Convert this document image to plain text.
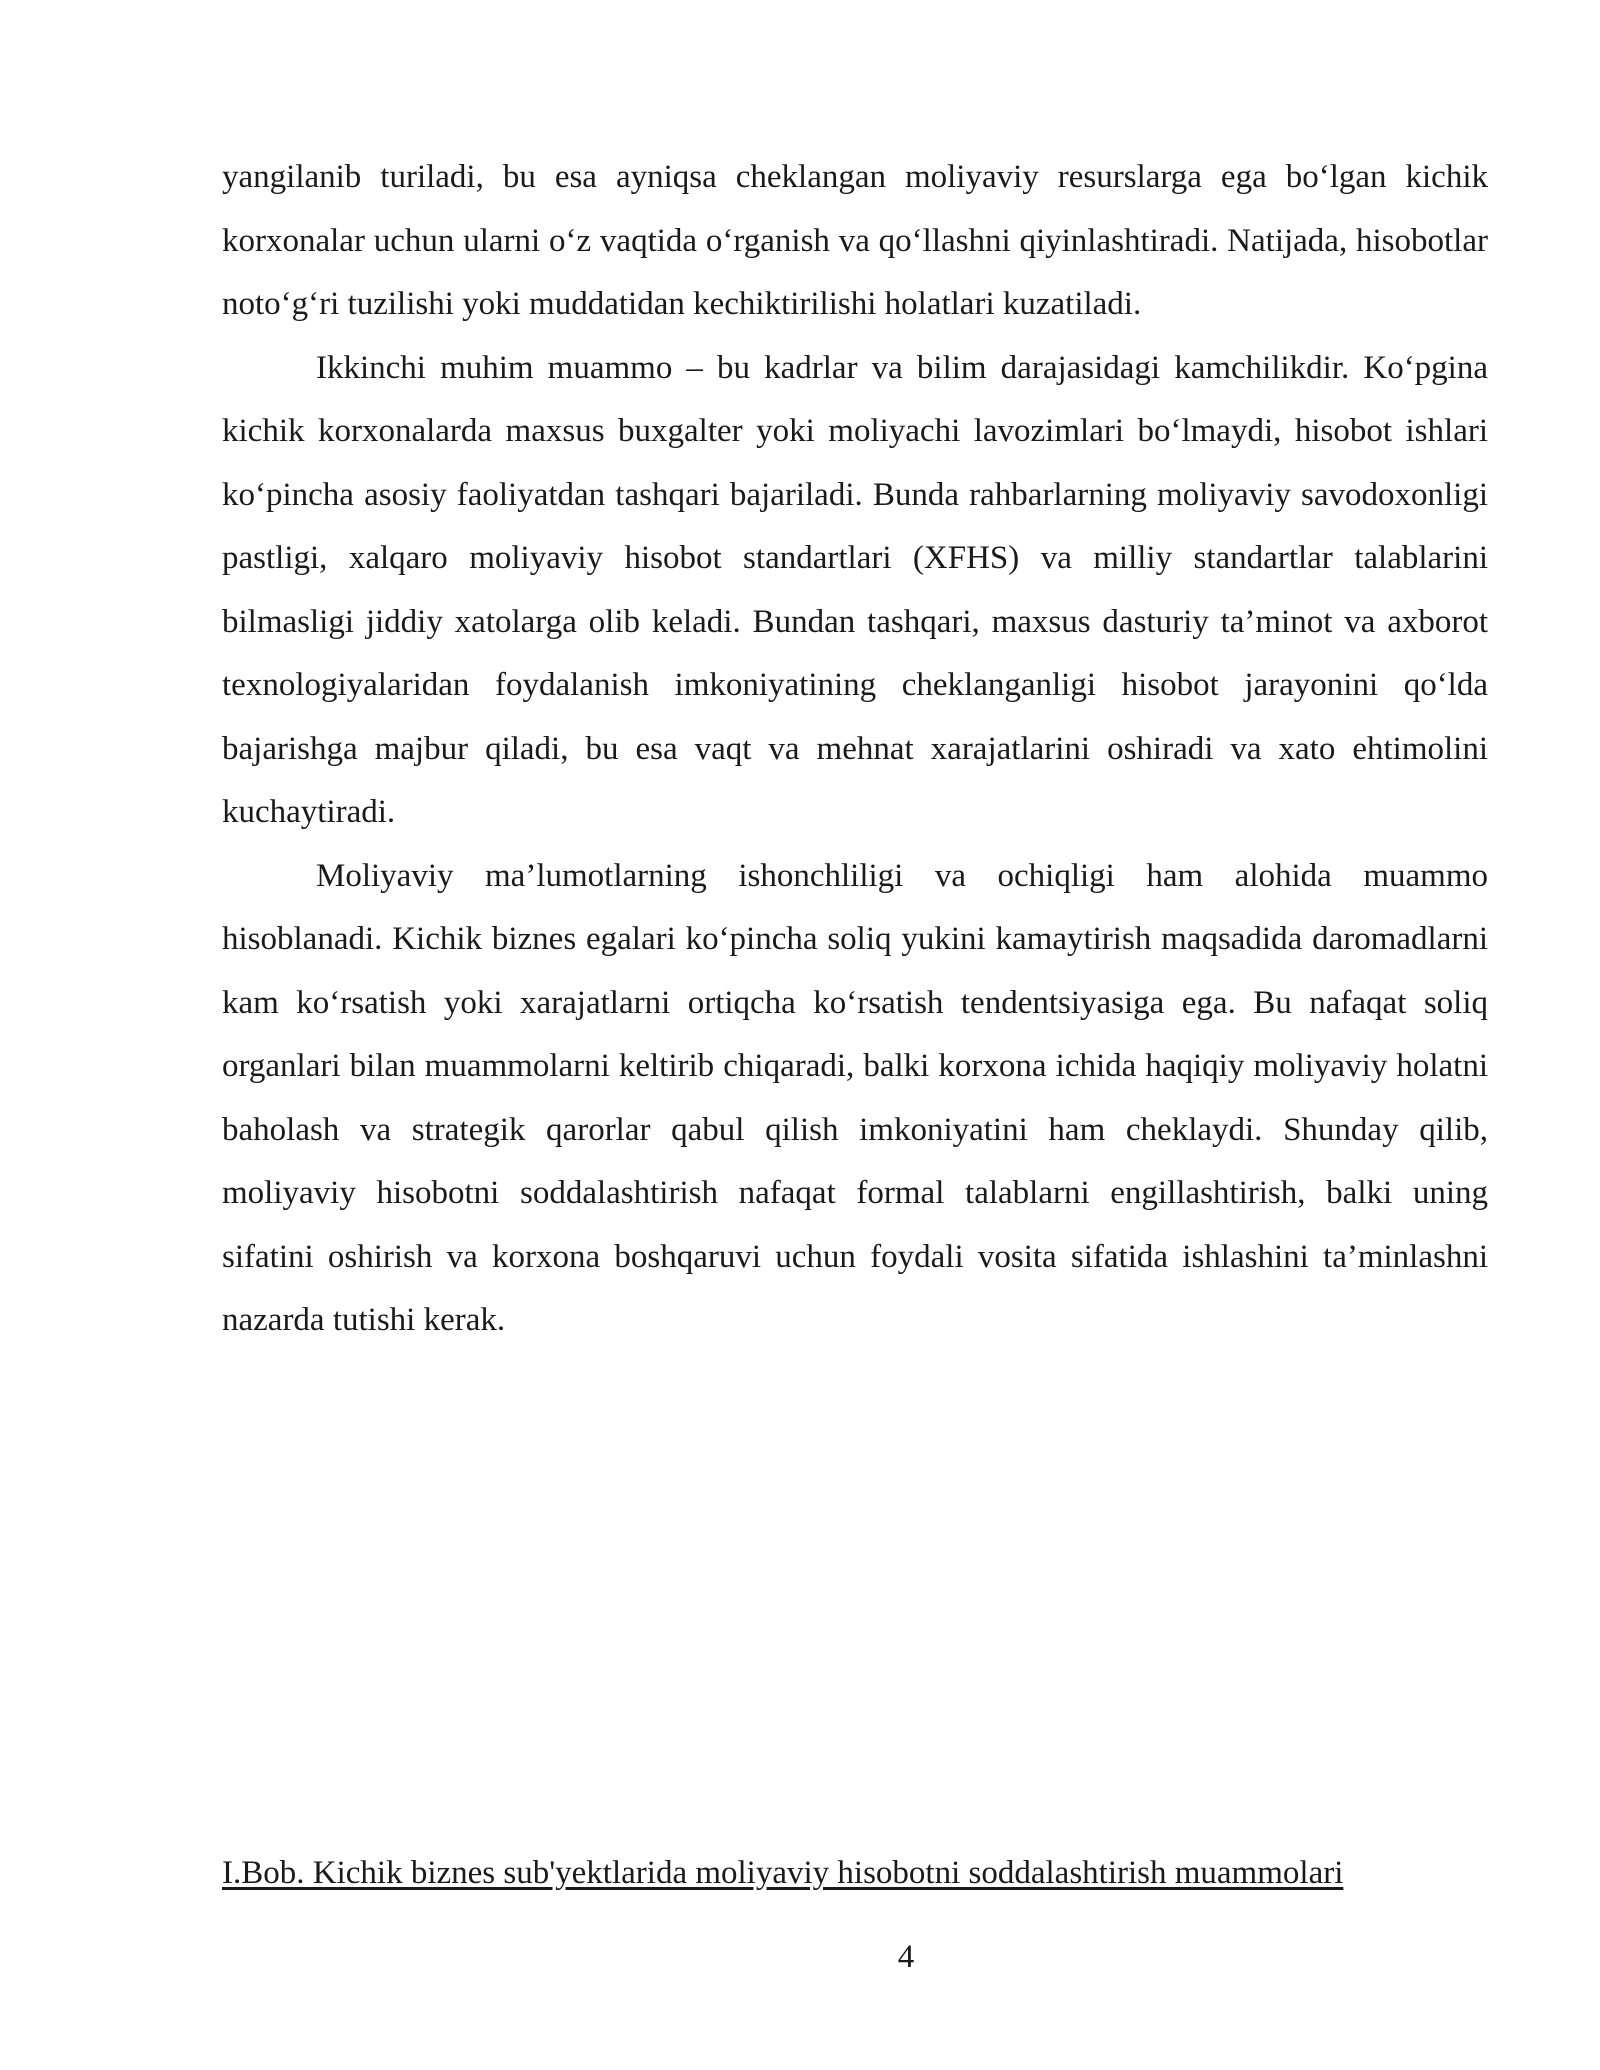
yangilanib turiladi, bu esa ayniqsa cheklangan moliyaviy resurslarga ega bo‘lgan kichik korxonalar uchun ularni o‘z vaqtida o‘rganish va qo‘llashni qiyinlashtiradi. Natijada, hisobotlar noto‘g‘ri tuzilishi yoki muddatidan kechiktirilishi holatlari kuzatiladi.

Ikkinchi muhim muammo – bu kadrlar va bilim darajasidagi kamchilikdir. Ko‘pgina kichik korxonalarda maxsus buxgalter yoki moliyachi lavozimlari bo‘lmaydi, hisobot ishlari ko‘pincha asosiy faoliyatdan tashqari bajariladi. Bunda rahbarlarning moliyaviy savodoxonligi pastligi, xalqaro moliyaviy hisobot standartlari (XFHS) va milliy standartlar talablarini bilmasligi jiddiy xatolarga olib keladi. Bundan tashqari, maxsus dasturiy ta’minot va axborot texnologiyalaridan foydalanish imkoniyatining cheklanganligi hisobot jarayonini qo‘lda bajarishga majbur qiladi, bu esa vaqt va mehnat xarajatlarini oshiradi va xato ehtimolini kuchaytiradi.

Moliyaviy ma’lumotlarning ishonchliligi va ochiqligi ham alohida muammo hisoblanadi. Kichik biznes egalari ko‘pincha soliq yukini kamaytirish maqsadida daromadlarni kam ko‘rsatish yoki xarajatlarni ortiqcha ko‘rsatish tendentsiyasiga ega. Bu nafaqat soliq organlari bilan muammolarni keltirib chiqaradi, balki korxona ichida haqiqiy moliyaviy holatni baholash va strategik qarorlar qabul qilish imkoniyatini ham cheklaydi. Shunday qilib, moliyaviy hisobotni soddalashtirish nafaqat formal talablarni engillashtirish, balki uning sifatini oshirish va korxona boshqaruvi uchun foydali vosita sifatida ishlashini ta’minlashni nazarda tutishi kerak.

I.Bob. Kichik biznes sub'yektlarida moliyaviy hisobotni soddalashtirish muammolari
4
